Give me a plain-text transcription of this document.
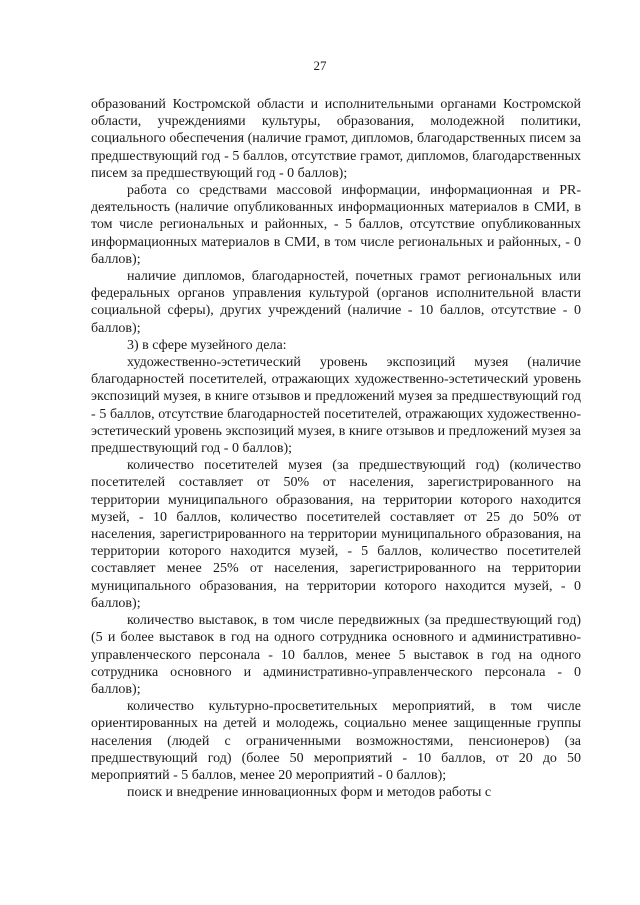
27

образований Костромской области и исполнительными органами Костромской области, учреждениями культуры, образования, молодежной политики, социального обеспечения (наличие грамот, дипломов, благодарственных писем за предшествующий год - 5 баллов, отсутствие грамот, дипломов, благодарственных писем за предшествующий год - 0 баллов);

работа со средствами массовой информации, информационная и PR-деятельность (наличие опубликованных информационных материалов в СМИ, в том числе региональных и районных, - 5 баллов, отсутствие опубликованных информационных материалов в СМИ, в том числе региональных и районных, - 0 баллов);

наличие дипломов, благодарностей, почетных грамот региональных или федеральных органов управления культурой (органов исполнительной власти социальной сферы), других учреждений (наличие - 10 баллов, отсутствие - 0 баллов);

3) в сфере музейного дела:

художественно-эстетический уровень экспозиций музея (наличие благодарностей посетителей, отражающих художественно-эстетический уровень экспозиций музея, в книге отзывов и предложений музея за предшествующий год - 5 баллов, отсутствие благодарностей посетителей, отражающих художественно-эстетический уровень экспозиций музея, в книге отзывов и предложений музея за предшествующий год - 0 баллов);

количество посетителей музея (за предшествующий год) (количество посетителей составляет от 50% от населения, зарегистрированного на территории муниципального образования, на территории которого находится музей, - 10 баллов, количество посетителей составляет от 25 до 50% от населения, зарегистрированного на территории муниципального образования, на территории которого находится музей, - 5 баллов, количество посетителей составляет менее 25% от населения, зарегистрированного на территории муниципального образования, на территории которого находится музей, - 0 баллов);

количество выставок, в том числе передвижных (за предшествующий год) (5 и более выставок в год на одного сотрудника основного и административно-управленческого персонала - 10 баллов, менее 5 выставок в год на одного сотрудника основного и административно-управленческого персонала - 0 баллов);

количество культурно-просветительных мероприятий, в том числе ориентированных на детей и молодежь, социально менее защищенные группы населения (людей с ограниченными возможностями, пенсионеров) (за предшествующий год) (более 50 мероприятий - 10 баллов, от 20 до 50 мероприятий - 5 баллов, менее 20 мероприятий - 0 баллов);

поиск и внедрение инновационных форм и методов работы с
